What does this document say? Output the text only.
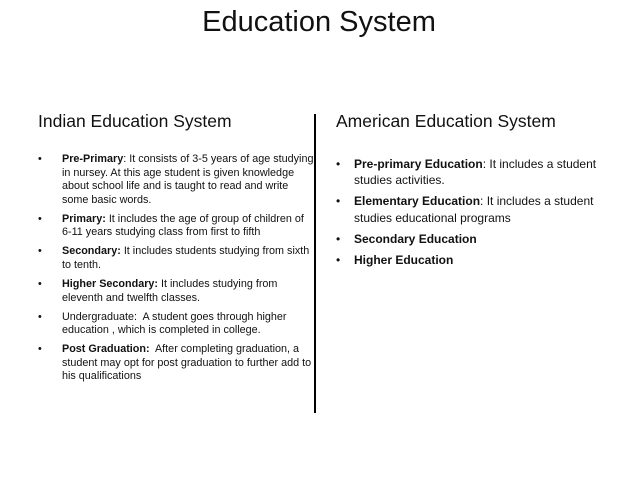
Education System
Indian Education System	American Education System
• Pre-Primary: It consists of 3-5 years of age studying in nursey. At this age student is given knowledge about school life and is taught to read and write some basic words.
• Primary: It includes the age of group of children of 6-11 years studying class from first to fifth
• Secondary: It includes students studying from sixth to tenth.
• Higher Secondary: It includes studying from eleventh and twelfth classes.
• Undergraduate: A student goes through higher education , which is completed in college.
• Post Graduation: After completing graduation, a student may opt for post graduation to further add to his qualifications
• Pre-primary Education: It includes a student studies activities.
• Elementary Education: It includes a student studies educational programs
• Secondary Education
• Higher Education
